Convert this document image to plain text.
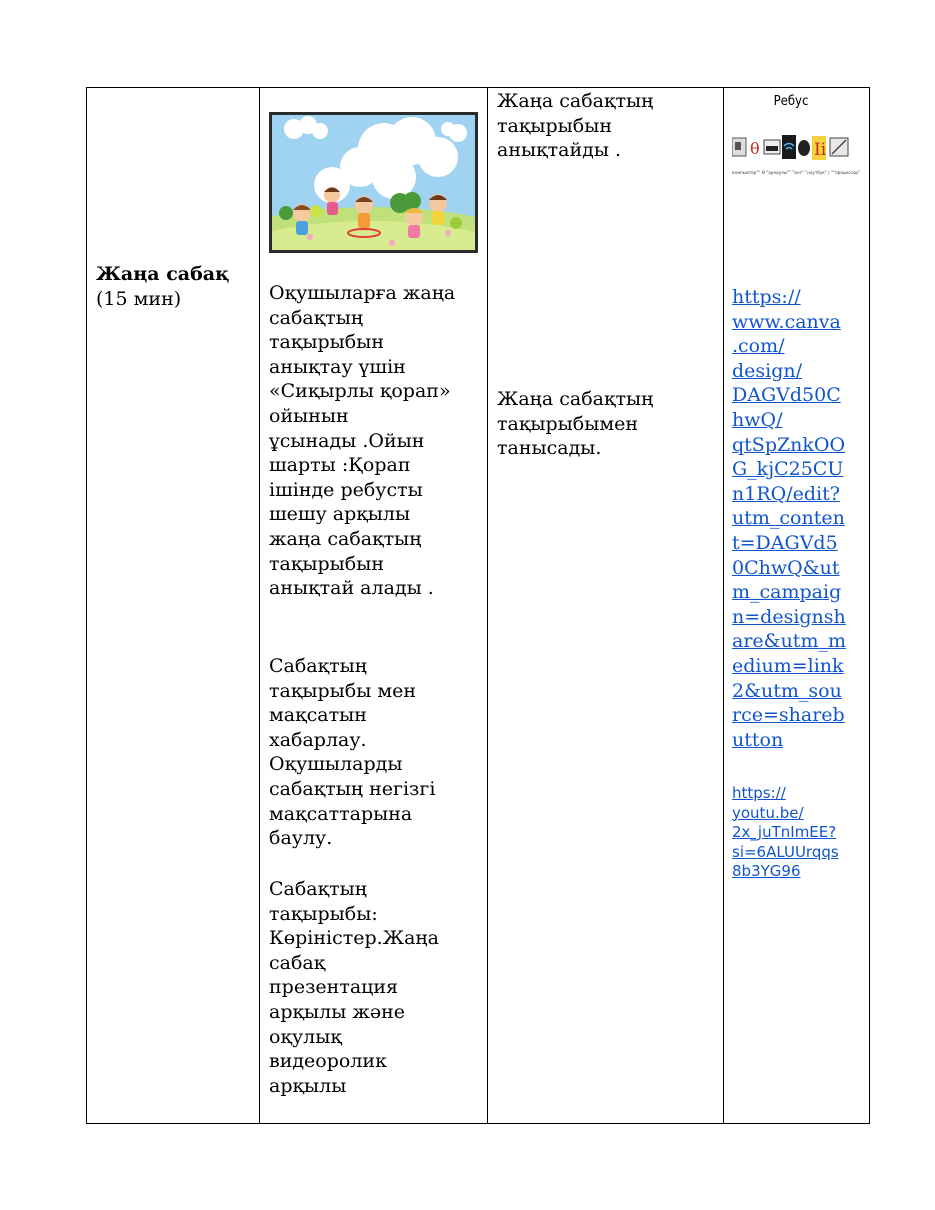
Жаңа сабақ
(15 мин)	Оқушыларға жаңа
сабақтың
тақырыбын
анықтау үшін
«Сиқырлы қорап»
ойынын
ұсынады .Ойын
шарты :Қорап
ішінде ребусты
шешу арқылы
жаңа сабақтың
тақырыбын
анықтай алады .
Сабақтың
тақырыбы мен
мақсатын
хабарлау.
Оқушыларды
сабақтың негізгі
мақсаттарына
баулу.
Сабақтың
тақырыбы:
Көріністер.Жаңа
сабақ
презентация
арқылы және
оқулық
видеоролик
арқылы
Жаңа сабақтың
тақырыбын
анықтайды .
Жаңа сабақтың
тақырыбымен
танысады.
Ребус
θ	Ii
компьютер"" Ө "арнаулы"" "ант" "ноутбук" | ""процессор"
https://
www.canva
.com/
design/
DAGVd50C
hwQ/
qtSpZnkOO
G_kjC25CU
n1RQ/edit?
utm_conten
t=DAGVd5
0ChwQ&ut
m_campaig
n=designsh
are&utm_m
edium=link
2&utm_sou
rce=shareb
utton
https://
youtu.be/
2x_juTnImEE?
si=6ALUUrqqs
8b3YG96
